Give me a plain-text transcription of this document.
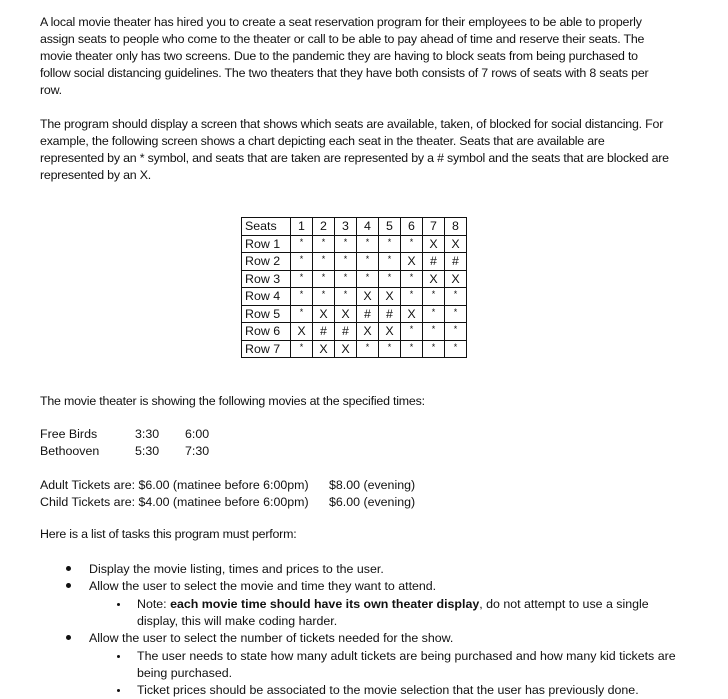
A local movie theater has hired you to create a seat reservation program for their employees to be able to properly assign seats to people who come to the theater or call to be able to pay ahead of time and reserve their seats. The movie theater only has two screens. Due to the pandemic they are having to block seats from being purchased to follow social distancing guidelines. The two theaters that they have both consists of 7 rows of seats with 8 seats per row.

The program should display a screen that shows which seats are available, taken, of blocked for social distancing. For example, the following screen shows a chart depicting each seat in the theater. Seats that are available are represented by an * symbol, and seats that are taken are represented by a # symbol and the seats that are blocked are represented by an X.

Seats	1	2	3	4	5	6	7	8
Row 1	*	*	*	*	*	*	X	X
Row 2	*	*	*	*	*	X	#	#
Row 3	*	*	*	*	*	*	X	X
Row 4	*	*	*	X	X	*	*	*
Row 5	*	X	X	#	#	X	*	*
Row 6	X	#	#	X	X	*	*	*
Row 7	*	X	X	*	*	*	*	*

The movie theater is showing the following movies at the specified times:

Free Birds	3:30 6:00
Bethooven	5:30 7:30
Adult Tickets are: $6.00 (matinee before 6:00pm) $8.00 (evening)
Child Tickets are: $4.00 (matinee before 6:00pm) $6.00 (evening)

Here is a list of tasks this program must perform:

Display the movie listing, times and prices to the user.

Allow the user to select the movie and time they want to attend.

Note: each movie time should have its own theater display, do not attempt to use a single

display, this will make coding harder.

Allow the user to select the number of tickets needed for the show.

The user needs to state how many adult tickets are being purchased and how many kid tickets are

being purchased.

Ticket prices should be associated to the movie selection that the user has previously done.
